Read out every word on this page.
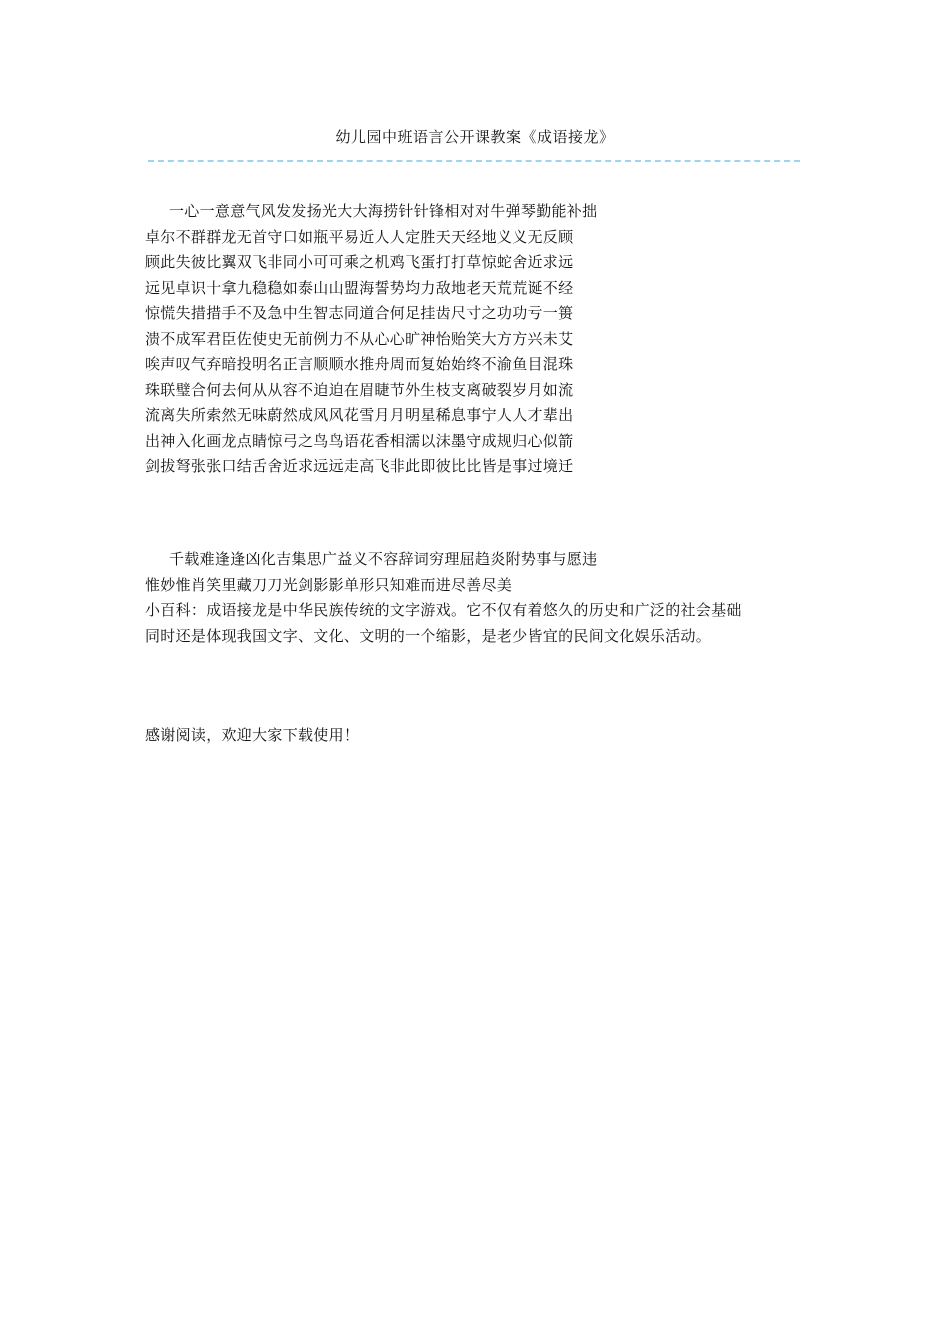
幼儿园中班语言公开课教案《成语接龙》

一心一意意气风发发扬光大大海捞针针锋相对对牛弹琴勤能补拙

卓尔不群群龙无首守口如瓶平易近人人定胜天天经地义义无反顾

顾此失彼比翼双飞非同小可可乘之机鸡飞蛋打打草惊蛇舍近求远

远见卓识十拿九稳稳如泰山山盟海誓势均力敌地老天荒荒诞不经

惊慌失措措手不及急中生智志同道合何足挂齿尺寸之功功亏一篑

溃不成军君臣佐使史无前例力不从心心旷神怡贻笑大方方兴未艾

唉声叹气弃暗投明名正言顺顺水推舟周而复始始终不渝鱼目混珠

珠联璧合何去何从从容不迫迫在眉睫节外生枝支离破裂岁月如流

流离失所索然无味蔚然成风风花雪月月明星稀息事宁人人才辈出

出神入化画龙点睛惊弓之鸟鸟语花香相濡以沫墨守成规归心似箭

剑拔弩张张口结舌舍近求远远走高飞非此即彼比比皆是事过境迁

千载难逢逢凶化吉集思广益义不容辞词穷理屈趋炎附势事与愿违

惟妙惟肖笑里藏刀刀光剑影影单形只知难而进尽善尽美

小百科：成语接龙是中华民族传统的文字游戏。它不仅有着悠久的历史和广泛的社会基础

同时还是体现我国文字、文化、文明的一个缩影，是老少皆宜的民间文化娱乐活动。

感谢阅读，欢迎大家下载使用！
